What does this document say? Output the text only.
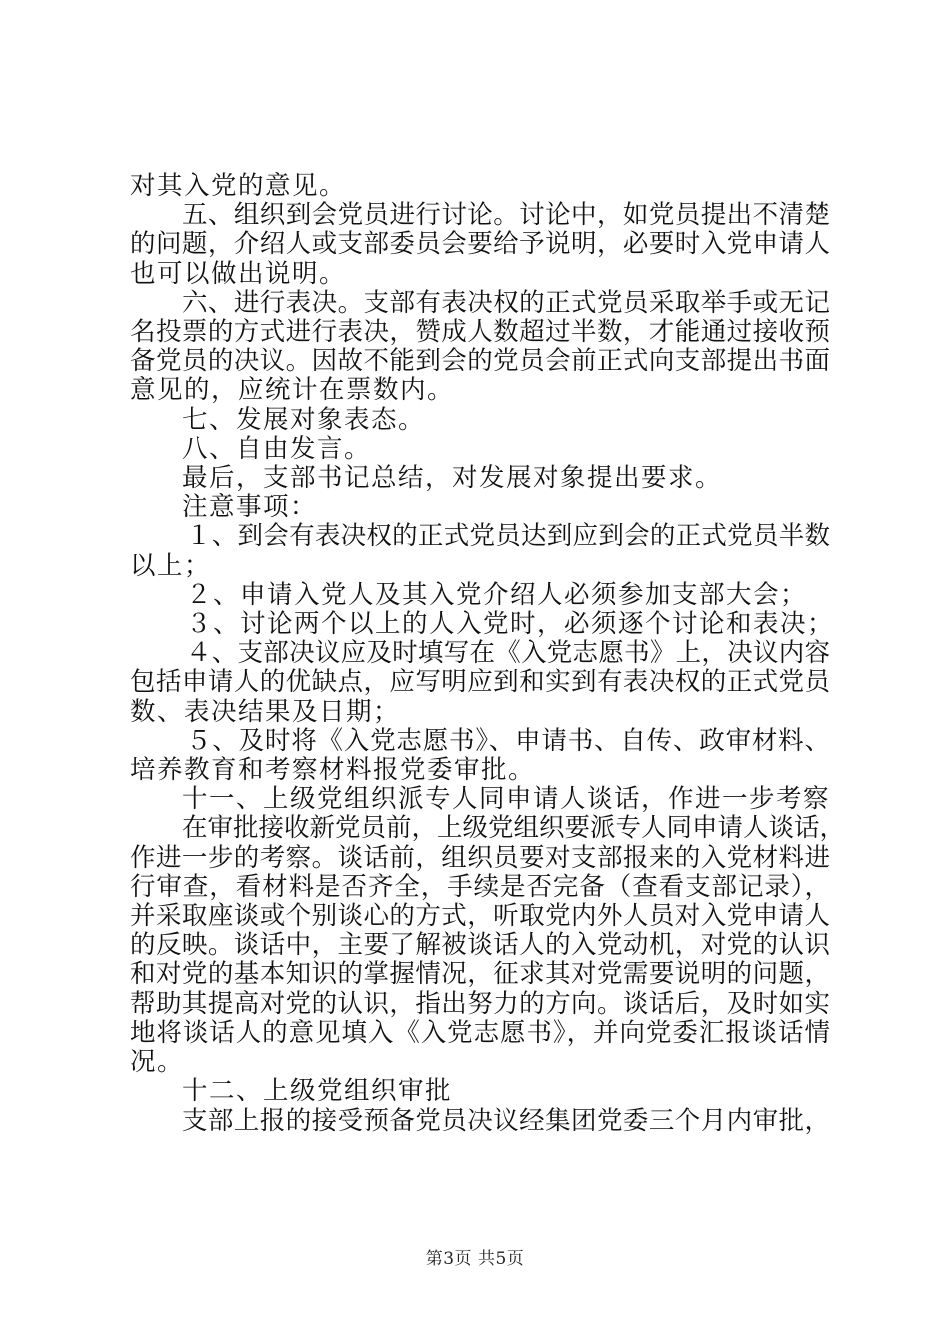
对其入党的意见。
五、组织到会党员进行讨论。讨论中，如党员提出不清楚
的问题，介绍人或支部委员会要给予说明，必要时入党申请人
也可以做出说明。
六、进行表决。支部有表决权的正式党员采取举手或无记
名投票的方式进行表决，赞成人数超过半数，才能通过接收预
备党员的决议。因故不能到会的党员会前正式向支部提出书面
意见的，应统计在票数内。
七、发展对象表态。
八、自由发言。
最后，支部书记总结，对发展对象提出要求。
注意事项：
１、到会有表决权的正式党员达到应到会的正式党员半数
以上；
２、申请入党人及其入党介绍人必须参加支部大会；
３、讨论两个以上的人入党时，必须逐个讨论和表决；
４、支部决议应及时填写在《入党志愿书》上，决议内容
包括申请人的优缺点，应写明应到和实到有表决权的正式党员
数、表决结果及日期；
５、及时将《入党志愿书》、申请书、自传、政审材料、
培养教育和考察材料报党委审批。
十一、上级党组织派专人同申请人谈话，作进一步考察
在审批接收新党员前，上级党组织要派专人同申请人谈话，
作进一步的考察。谈话前，组织员要对支部报来的入党材料进
行审查，看材料是否齐全，手续是否完备（查看支部记录），
并采取座谈或个别谈心的方式，听取党内外人员对入党申请人
的反映。谈话中，主要了解被谈话人的入党动机，对党的认识
和对党的基本知识的掌握情况，征求其对党需要说明的问题，
帮助其提高对党的认识，指出努力的方向。谈话后，及时如实
地将谈话人的意见填入《入党志愿书》，并向党委汇报谈话情
况。
十二、上级党组织审批
支部上报的接受预备党员决议经集团党委三个月内审批，
第3页 共5页
